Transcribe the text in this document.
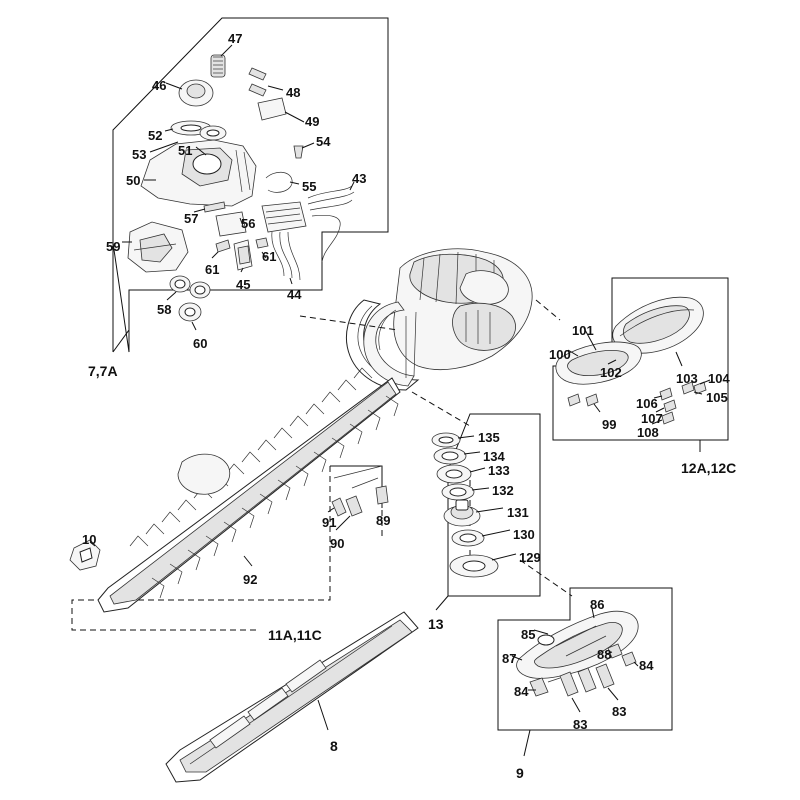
47
46	48
49
52	54
53 51
50	55
43
57	56
59
61
61
44
45
58
60
7,7A
101
100
102	103 104
105
106
107
108
99
12A,12C
135
134
133
132
131
130
129
10
91	89
90
92
11A,11C
13
86
85
87	88
84
84
83
83
8
9
